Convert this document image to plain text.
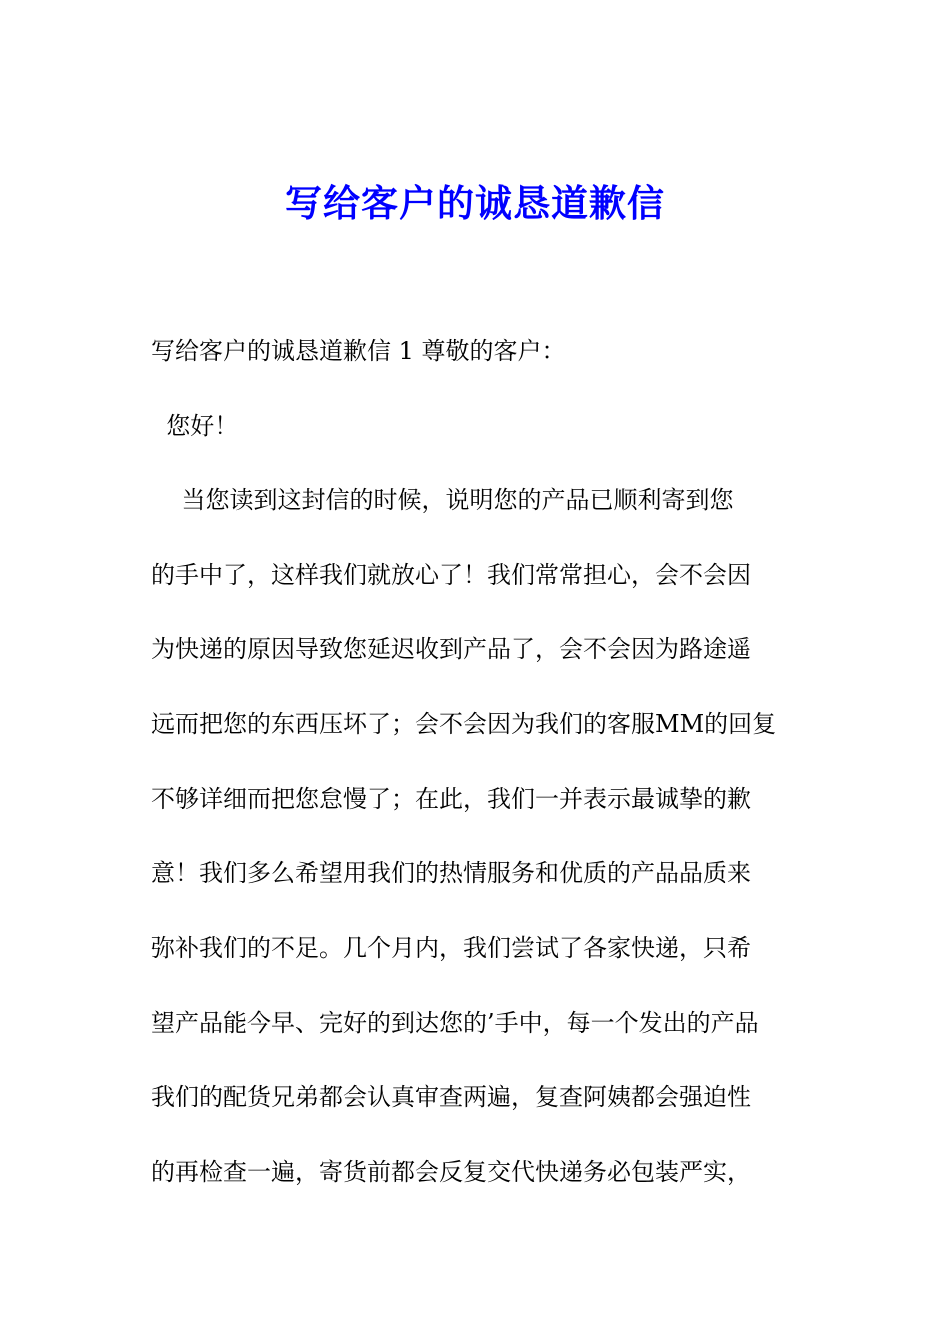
写给客户的诚恳道歉信
写给客户的诚恳道歉信 1 尊敬的客户：
您好！
当您读到这封信的时候，说明您的产品已顺利寄到您
的手中了，这样我们就放心了！我们常常担心，会不会因
为快递的原因导致您延迟收到产品了，会不会因为路途遥
远而把您的东西压坏了；会不会因为我们的客服MM的回复
不够详细而把您怠慢了；在此，我们一并表示最诚挚的歉
意！我们多么希望用我们的热情服务和优质的产品品质来
弥补我们的不足。几个月内，我们尝试了各家快递，只希
望产品能今早、完好的到达您的’手中，每一个发出的产品
我们的配货兄弟都会认真审查两遍，复查阿姨都会强迫性
的再检查一遍，寄货前都会反复交代快递务必包装严实，
